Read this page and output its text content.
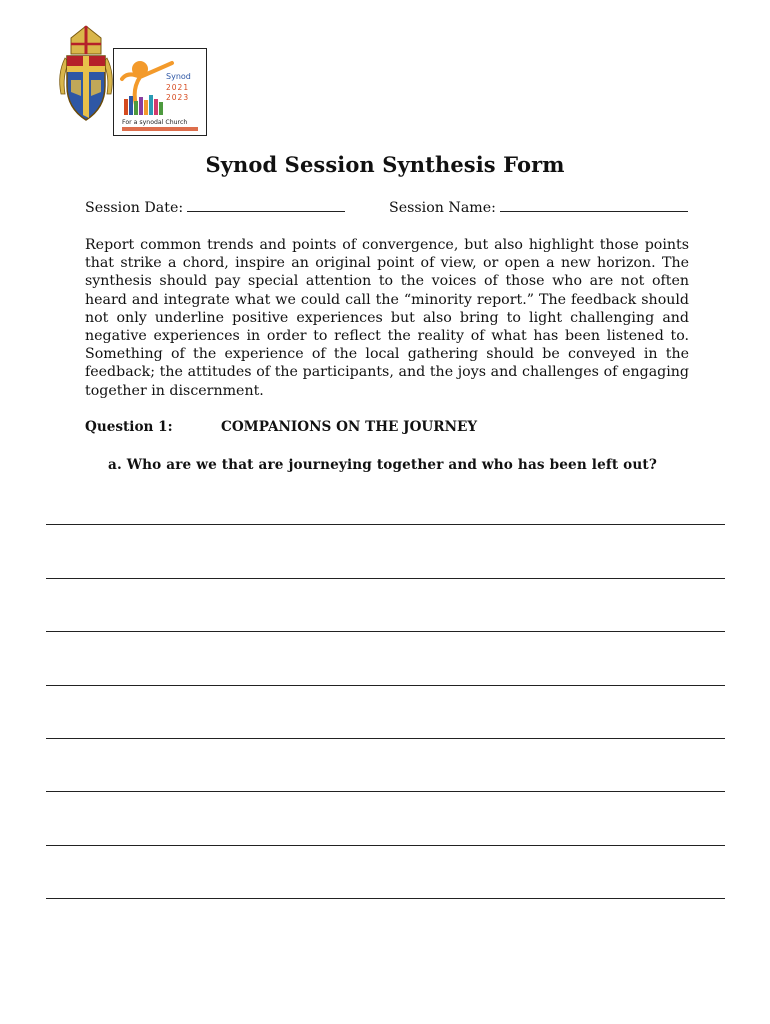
Synod
2021
2023
For a synodal Church
Synod Session Synthesis Form
Session Date:	Session Name:
Report common trends and points of convergence, but also highlight those points that strike a chord, inspire an original point of view, or open a new horizon. The synthesis should pay special attention to the voices of those who are not often heard and integrate what we could call the “minority report.” The feedback should not only underline positive experiences but also bring to light challenging and negative experiences in order to reflect the reality of what has been listened to. Something of the experience of the local gathering should be conveyed in the feedback; the attitudes of the participants, and the joys and challenges of engaging together in discernment.
Question 1:	COMPANIONS ON THE JOURNEY
a. Who are we that are journeying together and who has been left out?
